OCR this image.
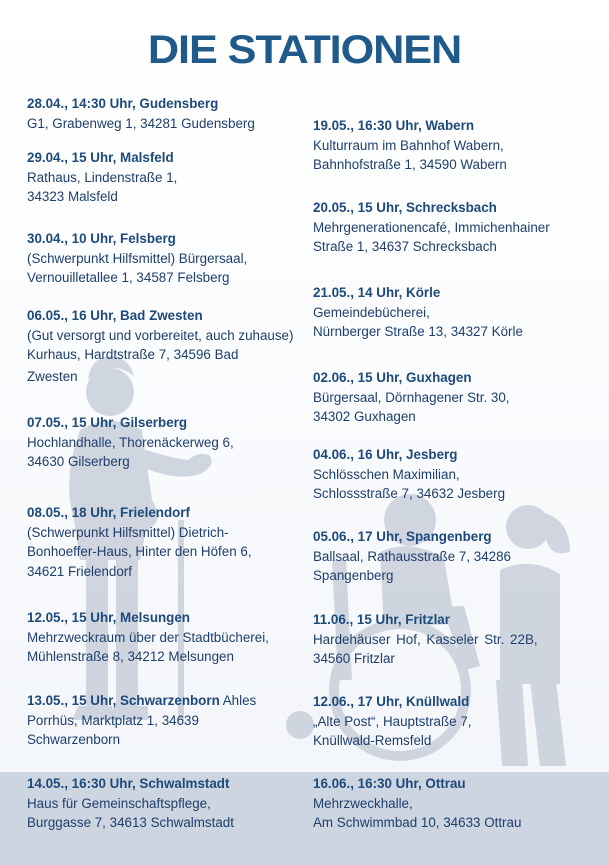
DIE STATIONEN
28.04., 14:30 Uhr, Gudensberg
G1, Grabenweg 1, 34281 Gudensberg
29.04., 15 Uhr, Malsfeld
Rathaus, Lindenstraße 1,
34323 Malsfeld
30.04., 10 Uhr, Felsberg
(Schwerpunkt Hilfsmittel) Bürgersaal,
Vernouilletallee 1, 34587 Felsberg
06.05., 16 Uhr, Bad Zwesten
(Gut versorgt und vorbereitet, auch zuhause)
Kurhaus, Hardtstraße 7, 34596 Bad
Zwesten
07.05., 15 Uhr, Gilserberg
Hochlandhalle, Thorenäckerweg 6,
34630 Gilserberg
08.05., 18 Uhr, Frielendorf
(Schwerpunkt Hilfsmittel) Dietrich-
Bonhoeffer-Haus, Hinter den Höfen 6,
34621 Frielendorf
12.05., 15 Uhr, Melsungen
Mehrzweckraum über der Stadtbücherei,
Mühlenstraße 8, 34212 Melsungen
13.05., 15 Uhr, Schwarzenborn Ahles
Porrhüs, Marktplatz 1, 34639
Schwarzenborn
14.05., 16:30 Uhr, Schwalmstadt
Haus für Gemeinschaftspflege,
Burggasse 7, 34613 Schwalmstadt
19.05., 16:30 Uhr, Wabern
Kulturraum im Bahnhof Wabern,
Bahnhofstraße 1, 34590 Wabern
20.05., 15 Uhr, Schrecksbach
Mehrgenerationencafé, Immichenhainer
Straße 1, 34637 Schrecksbach
21.05., 14 Uhr, Körle
Gemeindebücherei,
Nürnberger Straße 13, 34327 Körle
02.06., 15 Uhr, Guxhagen
Bürgersaal, Dörnhagener Str. 30,
34302 Guxhagen
04.06., 16 Uhr, Jesberg
Schlösschen Maximilian,
Schlossstraße 7, 34632 Jesberg
05.06., 17 Uhr, Spangenberg
Ballsaal, Rathausstraße 7, 34286
Spangenberg
11.06., 15 Uhr, Fritzlar
Hardehäuser Hof, Kasseler Str. 22B,
34560 Fritzlar
12.06., 17 Uhr, Knüllwald
„Alte Post“, Hauptstraße 7,
Knüllwald-Remsfeld
16.06., 16:30 Uhr, Ottrau
Mehrzweckhalle,
Am Schwimmbad 10, 34633 Ottrau
